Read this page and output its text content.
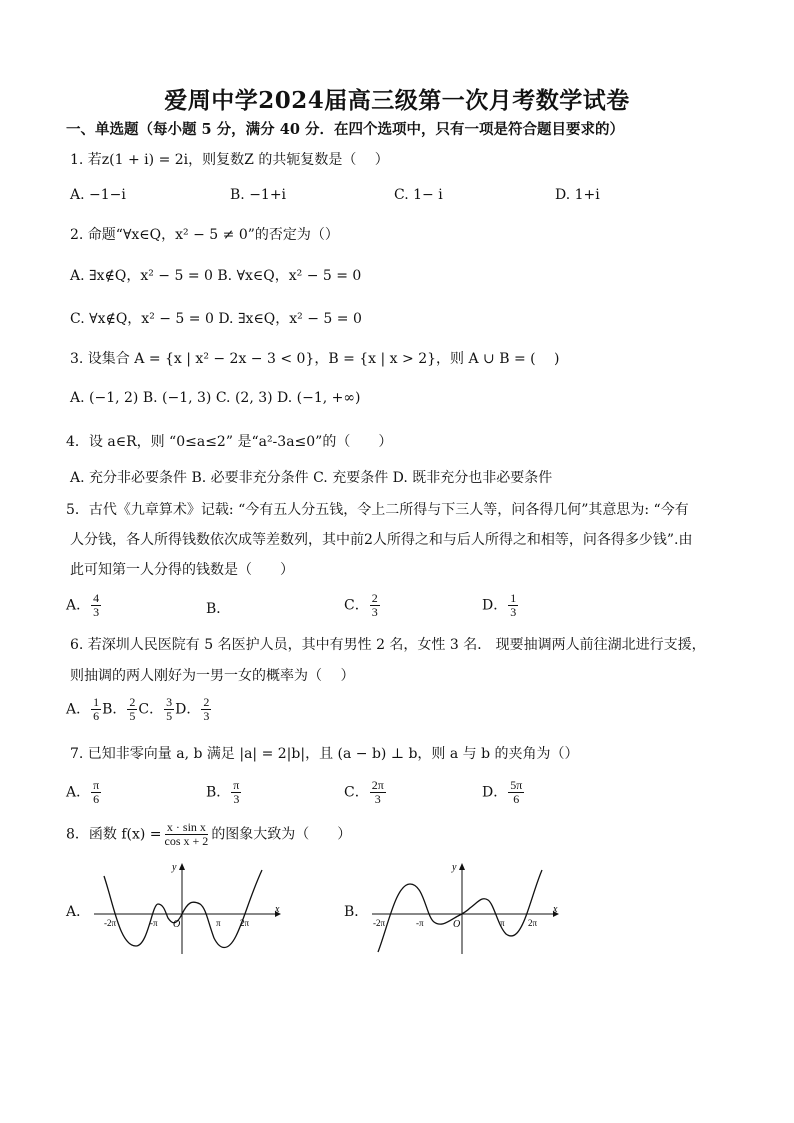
爱周中学2024届高三级第一次月考数学试卷
一、单选题（每小题 5 分，满分 40 分．在四个选项中，只有一项是符合题目要求的）
1. 若z(1 + i) = 2i，则复数Z 的共轭复数是（　 ）
A. −1−i	B. −1+i	C. 1− i	D. 1+i
2. 命题“∀x∈Q，x² − 5 ≠ 0”的否定为（）
A. ∃x∉Q，x² − 5 = 0 B. ∀x∈Q，x² − 5 = 0
C. ∀x∉Q，x² − 5 = 0 D. ∃x∈Q，x² − 5 = 0
3. 设集合 A = {x | x² − 2x − 3 < 0}，B = {x | x > 2}，则 A ∪ B = (　 )
A. (−1, 2) B. (−1, 3) C. (2, 3) D. (−1, +∞)
4．设 a∈R，则 “0≤a≤2” 是“a²-3a≤0”的（　　）
A. 充分非必要条件 B. 必要非充分条件 C. 充要条件 D. 既非充分也非必要条件
5．古代《九章算术》记载: “今有五人分五钱，令上二所得与下三人等，问各得几何”其意思为: “今有
人分钱，各人所得钱数依次成等差数列，其中前2人所得之和与后人所得之和相等，问各得多少钱”.由
此可知第一人分得的钱数是（　　）
A． $\frac{4}{3}$	B．	C． $\frac{2}{3}$	D． $\frac{1}{3}$
6. 若深圳人民医院有 5 名医护人员，其中有男性 2 名，女性 3 名． 现要抽调两人前往湖北进行支援，
则抽调的两人刚好为一男一女的概率为（　 ）
A． $\frac{1}{6}$ B． $\frac{2}{5}$ C． $\frac{3}{5}$ D． $\frac{2}{3}$
7. 已知非零向量 a, b 满足 |a| = 2|b|，且 (a − b) ⊥ b，则 a 与 b 的夹角为（）
A． $\frac{\pi}{6}$	B． $\frac{\pi}{3}$	C． $\frac{2\pi}{3}$	D． $\frac{5\pi}{6}$
8．函数 $f(x) = \frac{\text{x · sin x}}{\text{cos x + 2}}$ 的图象大致为（　　）
A．	x
y
O
-2π	-π	π 2π
B．	x
y
O
-2π	-π	π	2π
